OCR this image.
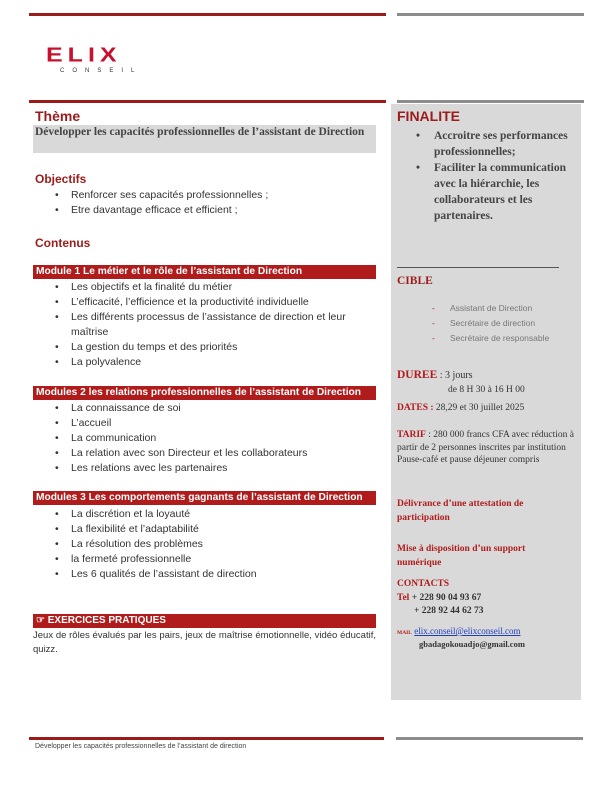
ELIX
CONSEIL
Thème
Développer les capacités professionnelles de l’assistant de Direction
Objectifs
• Renforcer ses capacités professionnelles ;
• Etre davantage efficace et efficient ;
Contenus
Module 1 Le métier et le rôle de l’assistant de Direction
• Les objectifs et la finalité du métier
• L’efficacité, l’efficience et la productivité individuelle
• Les différents processus de l’assistance de direction et leur
maîtrise
• La gestion du temps et des priorités
• La polyvalence
Modules 2 les relations professionnelles de l’assistant de Direction
• La connaissance de soi
• L’accueil
• La communication
• La relation avec son Directeur et les collaborateurs
• Les relations avec les partenaires
Modules 3 Les comportements gagnants de l’assistant de Direction
• La discrétion et la loyauté
• La flexibilité et l’adaptabilité
• La résolution des problèmes
• la fermeté professionnelle
• Les 6 qualités de l’assistant de direction
☞ EXERCICES PRATIQUES
Jeux de rôles évalués par les pairs, jeux de maîtrise émotionnelle, vidéo éducatif, quizz.
FINALITE
• Accroitre ses performances professionnelles;
• Faciliter la communication avec la hiérarchie, les collaborateurs et les partenaires.
CIBLE
- Assistant de Direction
- Secrétaire de direction
- Secrétaire de responsable
DUREE : 3 jours
de 8 H 30 à 16 H 00
DATES : 28,29 et 30 juillet 2025
TARIF : 280 000 francs CFA avec réduction à partir de 2 personnes inscrites par institution
Pause-café et pause déjeuner compris
Délivrance d’une attestation de participation
Mise à disposition d’un support numérique
CONTACTS
Tel + 228 90 04 93 67
+ 228 92 44 62 73
MAIL elix.conseil@elixconseil.com
gbadagokouadjo@gmail.com
Développer les capacités professionnelles de l’assistant de direction
